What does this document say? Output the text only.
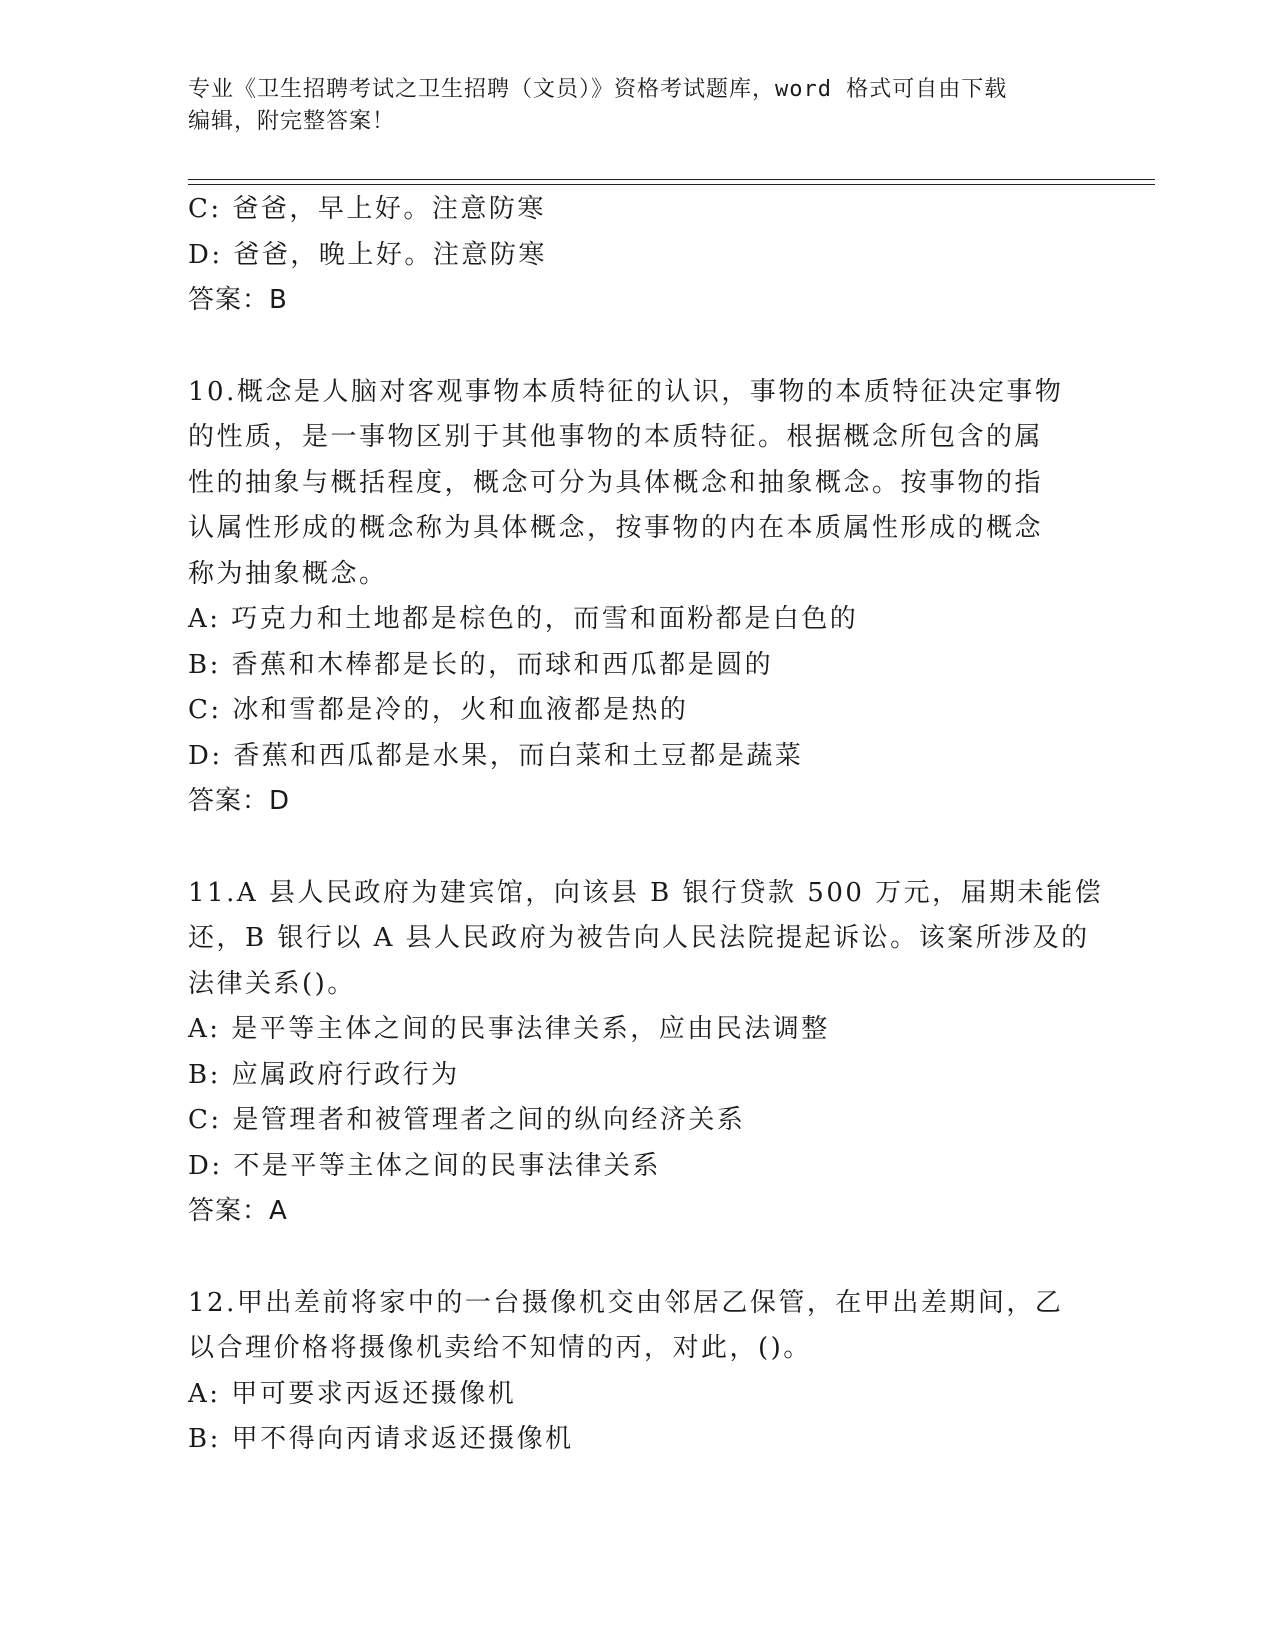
专业《卫生招聘考试之卫生招聘（文员）》资格考试题库，word 格式可自由下载
编辑，附完整答案！
C: 爸爸，早上好。注意防寒
D: 爸爸，晚上好。注意防寒
答案：B
10.概念是人脑对客观事物本质特征的认识，事物的本质特征决定事物
的性质，是一事物区别于其他事物的本质特征。根据概念所包含的属
性的抽象与概括程度，概念可分为具体概念和抽象概念。按事物的指
认属性形成的概念称为具体概念，按事物的内在本质属性形成的概念
称为抽象概念。
A: 巧克力和土地都是棕色的，而雪和面粉都是白色的
B: 香蕉和木棒都是长的，而球和西瓜都是圆的
C: 冰和雪都是冷的，火和血液都是热的
D: 香蕉和西瓜都是水果，而白菜和土豆都是蔬菜
答案：D
11.A 县人民政府为建宾馆，向该县 B 银行贷款 500 万元，届期未能偿
还，B 银行以 A 县人民政府为被告向人民法院提起诉讼。该案所涉及的
法律关系()。
A: 是平等主体之间的民事法律关系，应由民法调整
B: 应属政府行政行为
C: 是管理者和被管理者之间的纵向经济关系
D: 不是平等主体之间的民事法律关系
答案：A
12.甲出差前将家中的一台摄像机交由邻居乙保管，在甲出差期间，乙
以合理价格将摄像机卖给不知情的丙，对此，()。
A: 甲可要求丙返还摄像机
B: 甲不得向丙请求返还摄像机
